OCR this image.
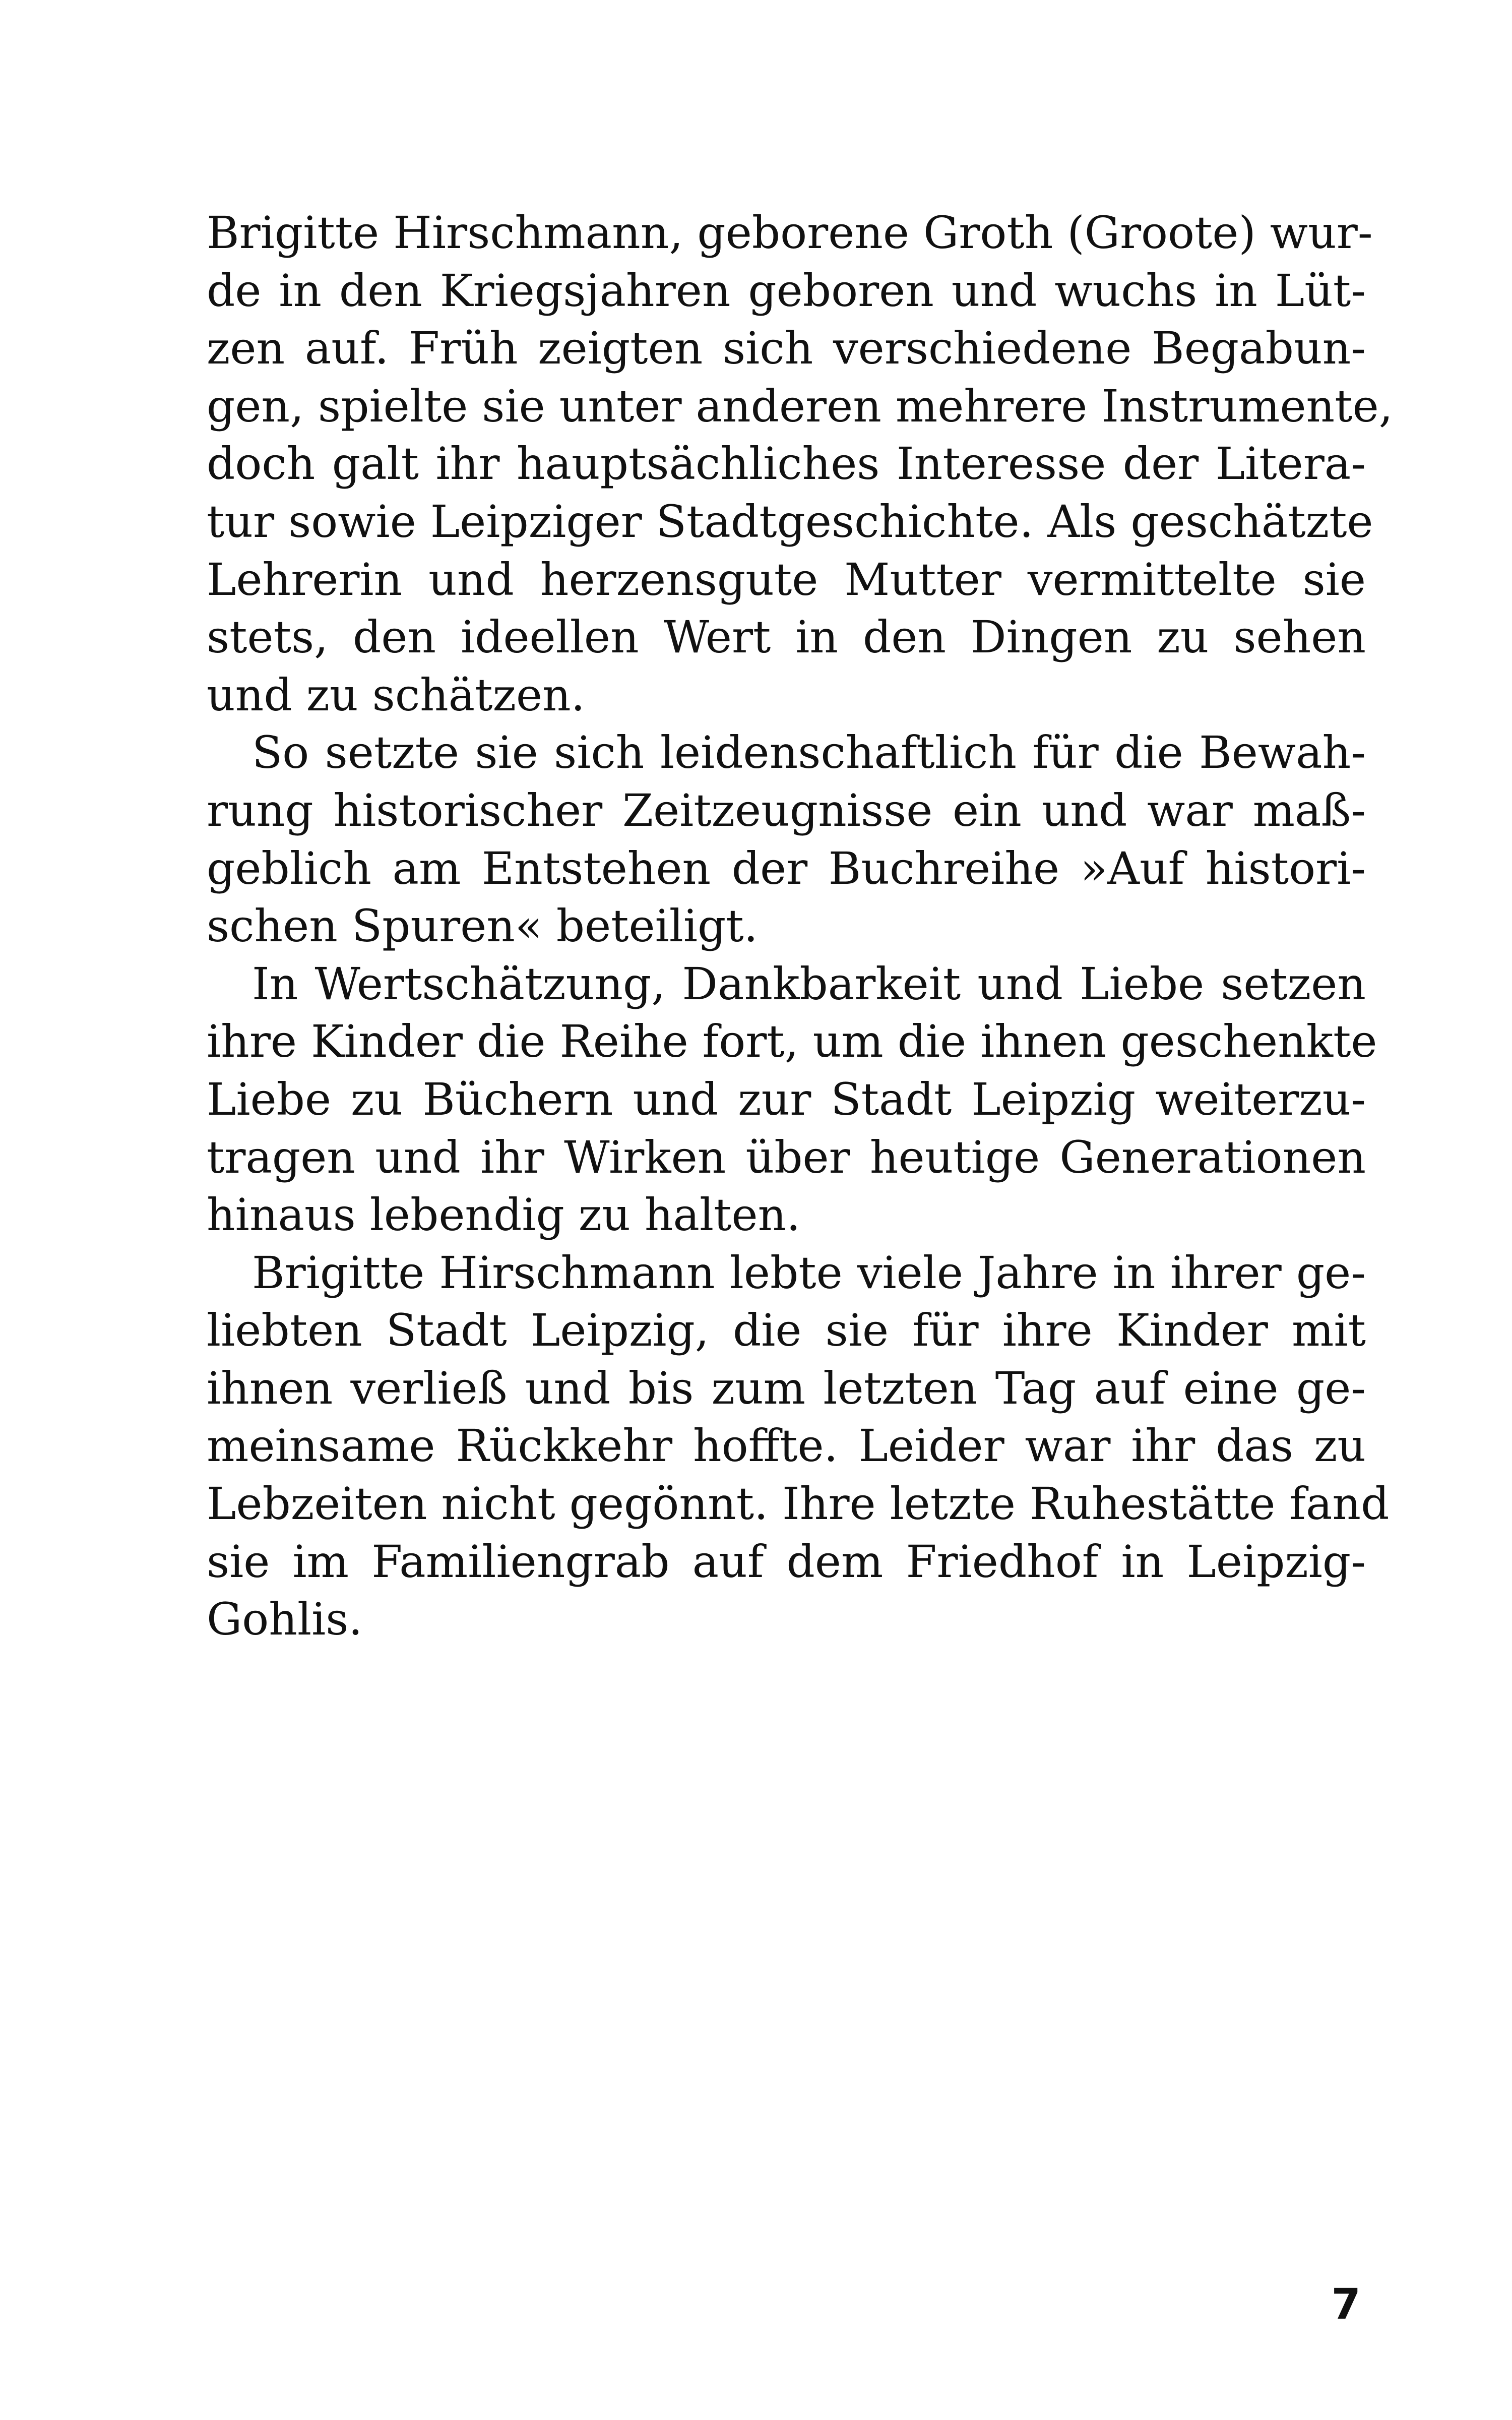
Brigitte Hirschmann, geborene Groth (Groote) wur-
de in den Kriegsjahren geboren und wuchs in Lüt-
zen auf. Früh zeigten sich verschiedene Begabun-
gen, spielte sie unter anderen mehrere Instrumente,
doch galt ihr hauptsächliches Interesse der Litera-
tur sowie Leipziger Stadtgeschichte. Als geschätzte
Lehrerin und herzensgute Mutter vermittelte sie
stets, den ideellen Wert in den Dingen zu sehen
und zu schätzen.
So setzte sie sich leidenschaftlich für die Bewah-
rung historischer Zeitzeugnisse ein und war maß-
geblich am Entstehen der Buchreihe »Auf histori-
schen Spuren« beteiligt.
In Wertschätzung, Dankbarkeit und Liebe setzen
ihre Kinder die Reihe fort, um die ihnen geschenkte
Liebe zu Büchern und zur Stadt Leipzig weiterzu-
tragen und ihr Wirken über heutige Generationen
hinaus lebendig zu halten.
Brigitte Hirschmann lebte viele Jahre in ihrer ge-
liebten Stadt Leipzig, die sie für ihre Kinder mit
ihnen verließ und bis zum letzten Tag auf eine ge-
meinsame Rückkehr hoffte. Leider war ihr das zu
Lebzeiten nicht gegönnt. Ihre letzte Ruhestätte fand
sie im Familiengrab auf dem Friedhof in Leipzig-
Gohlis.
7
